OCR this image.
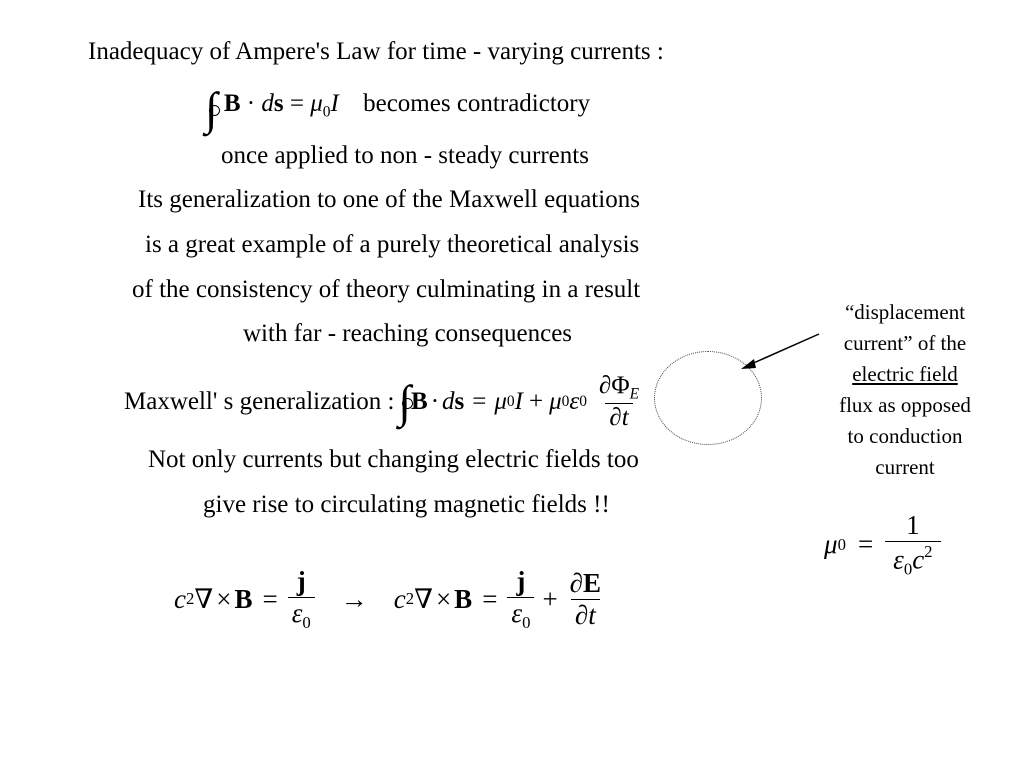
Inadequacy of Ampere's Law for time - varying currents :
∫ B · ds = $\mu_0I$ becomes contradictory
once applied to non - steady currents
Its generalization to one of the Maxwell equations
is a great example of a purely theoretical analysis
of the consistency of theory culminating in a result
with far - reaching consequences
Maxwell' s generalization : ∫ B · d s = μ 0 I + μ 0 ε $0 \frac{\partial\Phi_E}{\partial t}$
“displacement
current” of the
electric field
flux as opposed
to conduction
current
Not only currents but changing electric fields too
give rise to circulating magnetic fields !!
μ $0 = \frac{1}{\varepsilon_0c^2}$
c 2 ∇ × $B = \frac{j}{\varepsilon_0} \to c$ 2 ∇ × $B = \frac{j}{\varepsilon_0} + \frac{\partial E}{\partial t}$
